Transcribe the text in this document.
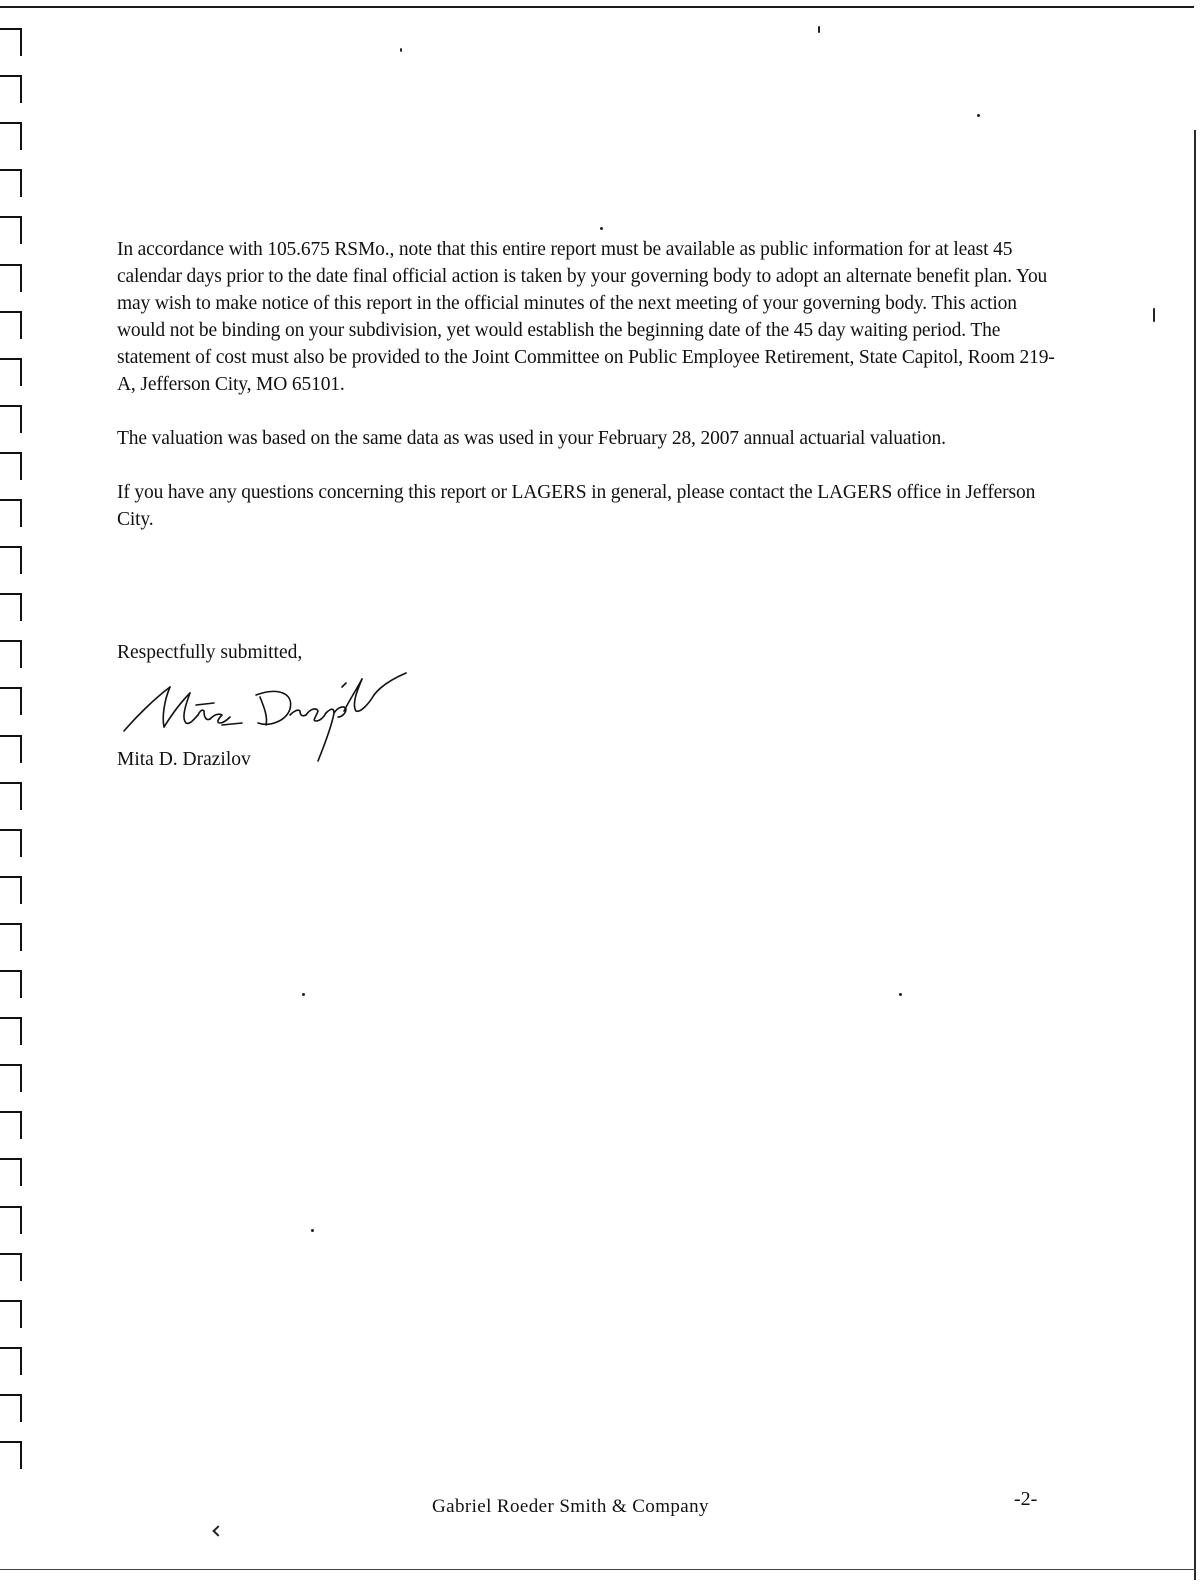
In accordance with 105.675 RSMo., note that this entire report must be available as public information for at least 45 calendar days prior to the date final official action is taken by your governing body to adopt an alternate benefit plan. You may wish to make notice of this report in the official minutes of the next meeting of your governing body. This action would not be binding on your subdivision, yet would establish the beginning date of the 45 day waiting period. The statement of cost must also be provided to the Joint Committee on Public Employee Retirement, State Capitol, Room 219-A, Jefferson City, MO 65101.

The valuation was based on the same data as was used in your February 28, 2007 annual actuarial valuation.

If you have any questions concerning this report or LAGERS in general, please contact the LAGERS office in Jefferson City.

Respectfully submitted,
Mita D. Drazilov
Gabriel Roeder Smith & Company	-2-
